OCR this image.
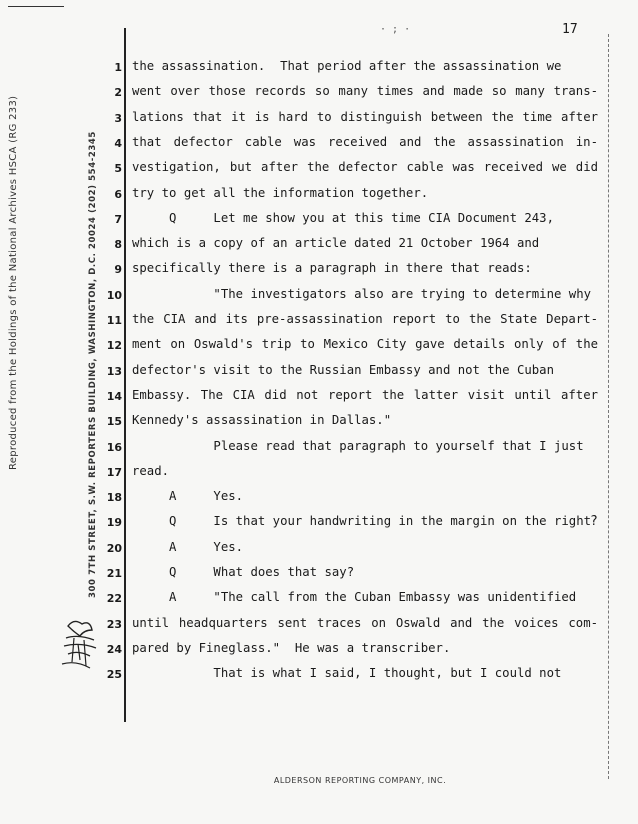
· ; ·	17
Reproduced from the Holdings of the National Archives HSCA (RG 233)	300 7TH STREET, S.W. REPORTERS BUILDING, WASHINGTON, D.C. 20024 (202) 554-2345
1 the assassination.  That period after the assassination we
2 went over those records so many times and made so many trans-
3 lations that it is hard to distinguish between the time after
4 that defector cable was received and the assassination in-
5 vestigation, but after the defector cable was received we did
6 try to get all the information together.
7 Q     Let me show you at this time CIA Document 243,
8 which is a copy of an article dated 21 October 1964 and
9 specifically there is a paragraph in there that reads:
10 "The investigators also are trying to determine why
11 the CIA and its pre-assassination report to the State Depart-
12 ment on Oswald's trip to Mexico City gave details only of the
13 defector's visit to the Russian Embassy and not the Cuban
14 Embassy. The CIA did not report the latter visit until after
15 Kennedy's assassination in Dallas."
16 Please read that paragraph to yourself that I just
17 read.
18 A     Yes.
19 Q     Is that your handwriting in the margin on the right
20 A     Yes.
21 Q     What does that say?
22 A     "The call from the Cuban Embassy was unidentified
23 until headquarters sent traces on Oswald and the voices com-
24 pared by Fineglass."  He was a transcriber.
25 That is what I said, I thought, but I could not
?
ALDERSON REPORTING COMPANY, INC.
